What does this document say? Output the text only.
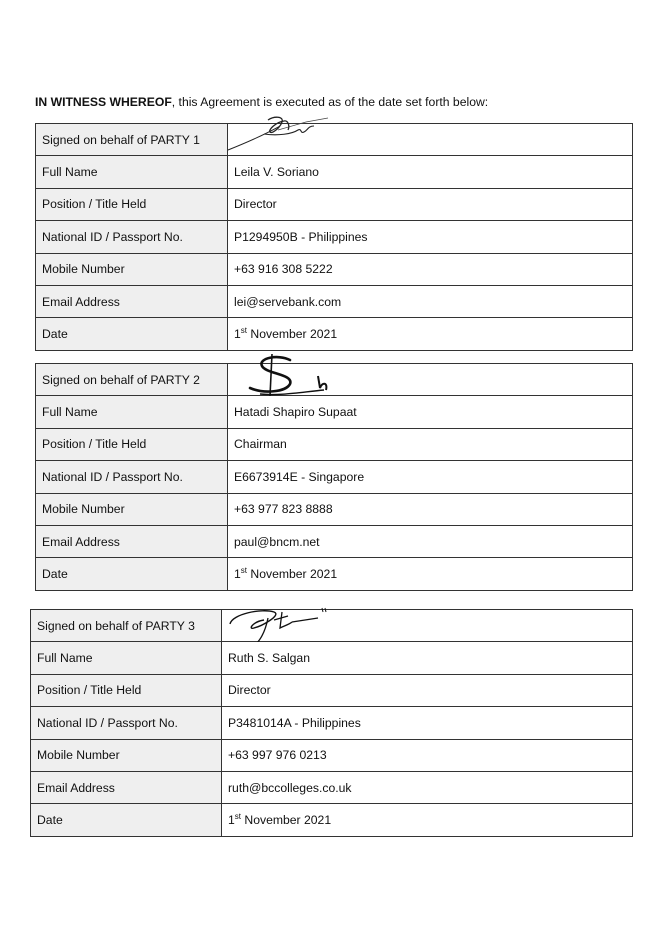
IN WITNESS WHEREOF, this Agreement is executed as of the date set forth below:
Signed on behalf of PARTY 1	

Full Name	Leila V. Soriano
Position / Title Held	Director
National ID / Passport No.	P1294950B - Philippines
Mobile Number	+63 916 308 5222
Email Address	lei@servebank.com
Date	1st November 2021
Signed on behalf of PARTY 2	

Full Name	Hatadi Shapiro Supaat
Position / Title Held	Chairman
National ID / Passport No.	E6673914E - Singapore
Mobile Number	+63 977 823 8888
Email Address	paul@bncm.net
Date	1st November 2021
Signed on behalf of PARTY 3	

Full Name	Ruth S. Salgan
Position / Title Held	Director
National ID / Passport No.	P3481014A - Philippines
Mobile Number	+63 997 976 0213
Email Address	ruth@bccolleges.co.uk
Date	1st November 2021
